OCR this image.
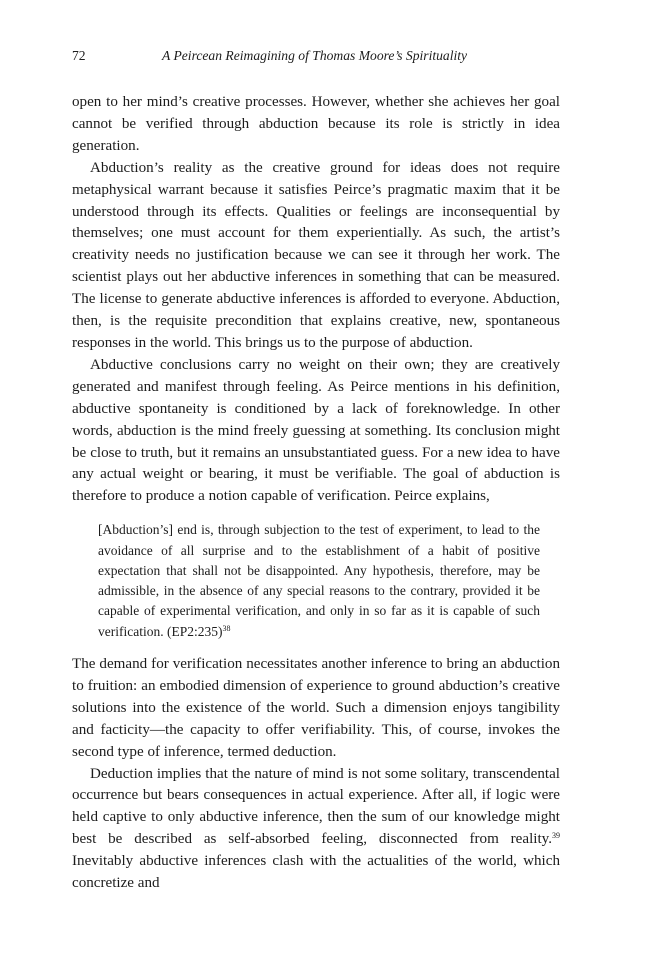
72	A Peircean Reimagining of Thomas Moore’s Spirituality

open to her mind’s creative processes. However, whether she achieves her goal cannot be verified through abduction because its role is strictly in idea generation.

Abduction’s reality as the creative ground for ideas does not require metaphysical warrant because it satisfies Peirce’s pragmatic maxim that it be understood through its effects. Qualities or feelings are inconsequential by themselves; one must account for them experientially. As such, the artist’s creativity needs no justification because we can see it through her work. The scientist plays out her abductive inferences in something that can be measured. The license to generate abductive inferences is afforded to everyone. Abduction, then, is the requisite precondition that explains creative, new, spontaneous responses in the world. This brings us to the purpose of abduction.

Abductive conclusions carry no weight on their own; they are creatively generated and manifest through feeling. As Peirce mentions in his definition, abductive spontaneity is conditioned by a lack of foreknowledge. In other words, abduction is the mind freely guessing at something. Its conclusion might be close to truth, but it remains an unsubstantiated guess. For a new idea to have any actual weight or bearing, it must be verifiable. The goal of abduction is therefore to produce a notion capable of verification. Peirce explains,

[Abduction’s] end is, through subjection to the test of experiment, to lead to the avoidance of all surprise and to the establishment of a habit of positive expectation that shall not be disappointed. Any hypothesis, therefore, may be admissible, in the absence of any special reasons to the contrary, provided it be capable of experimental verification, and only in so far as it is capable of such verification. (EP2:235)$^{38}$

The demand for verification necessitates another inference to bring an abduction to fruition: an embodied dimension of experience to ground abduction’s creative solutions into the existence of the world. Such a dimension enjoys tangibility and facticity—the capacity to offer verifiability. This, of course, invokes the second type of inference, termed deduction.

Deduction implies that the nature of mind is not some solitary, transcendental occurrence but bears consequences in actual experience. After all, if logic were held captive to only abductive inference, then the sum of our knowledge might best be described as self-absorbed feeling, disconnected from reality.$^{39}$ Inevitably abductive inferences clash with the actualities of the world, which concretize and
